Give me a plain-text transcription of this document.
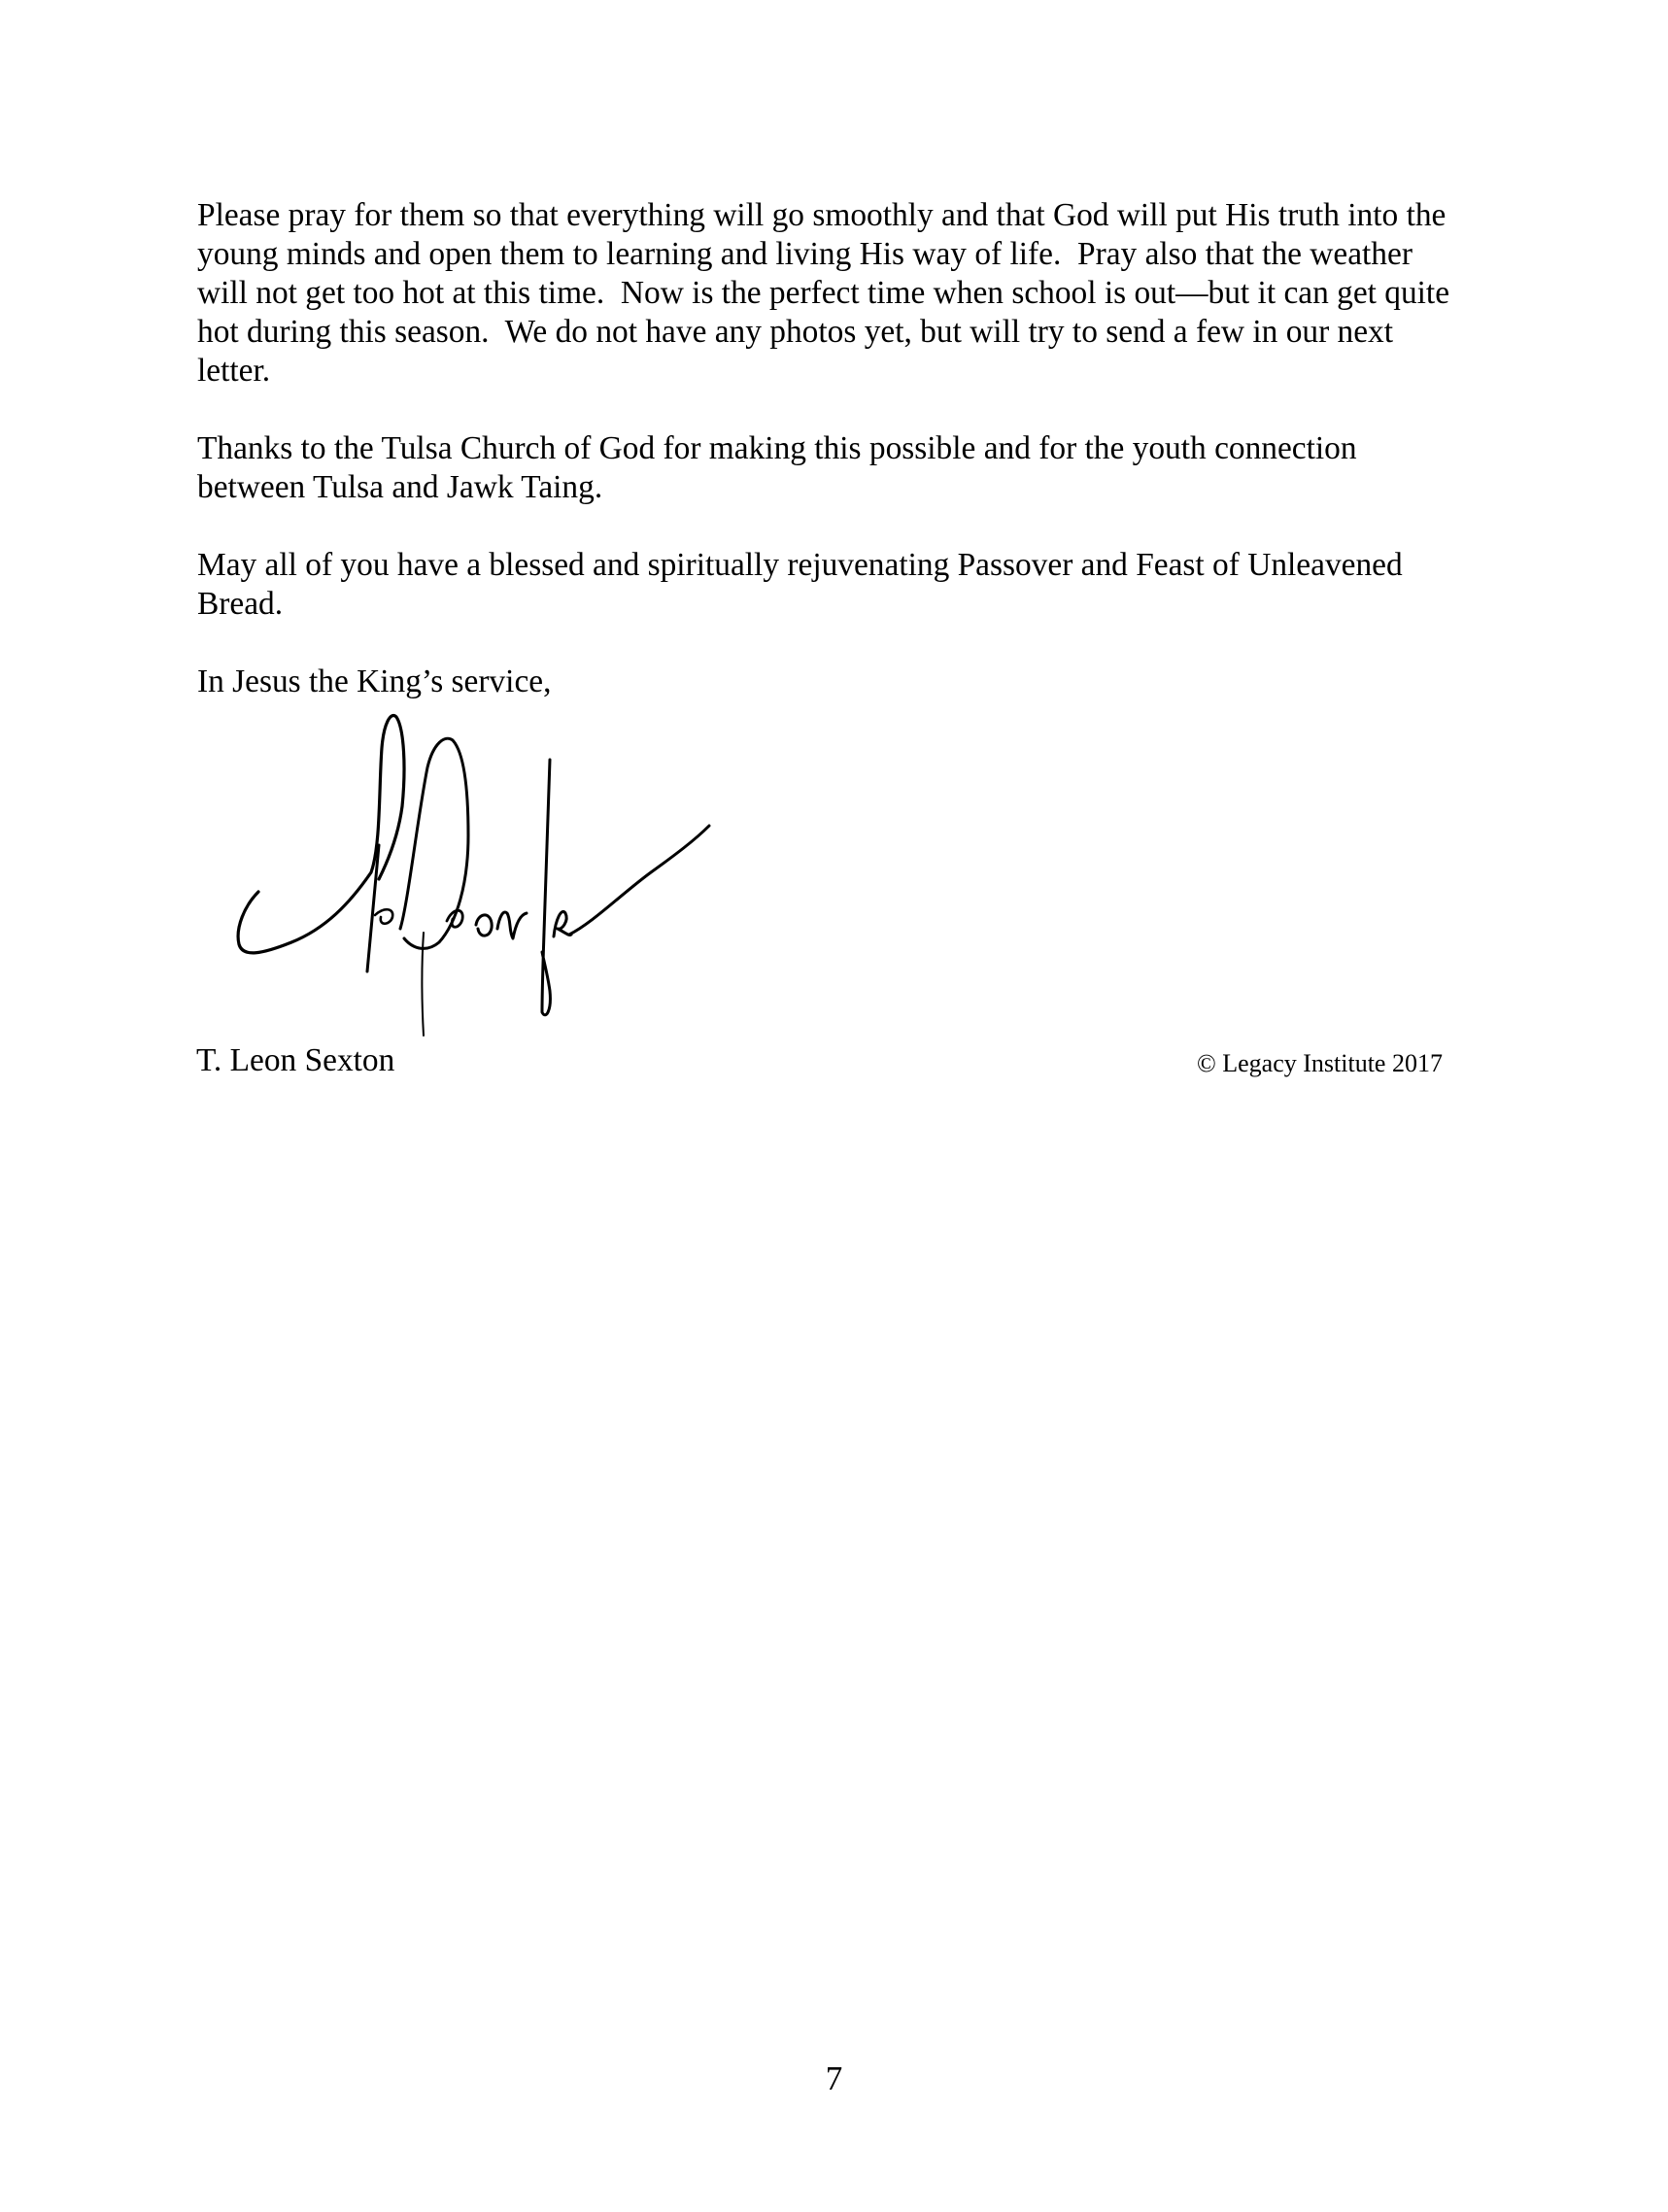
Please pray for them so that everything will go smoothly and that God will put His truth into the
young minds and open them to learning and living His way of life.  Pray also that the weather
will not get too hot at this time.  Now is the perfect time when school is out—but it can get quite
hot during this season.  We do not have any photos yet, but will try to send a few in our next
letter.

Thanks to the Tulsa Church of God for making this possible and for the youth connection
between Tulsa and Jawk Taing.

May all of you have a blessed and spiritually rejuvenating Passover and Feast of Unleavened
Bread.

In Jesus the King’s service,

T. Leon Sexton	© Legacy Institute 2017
7
